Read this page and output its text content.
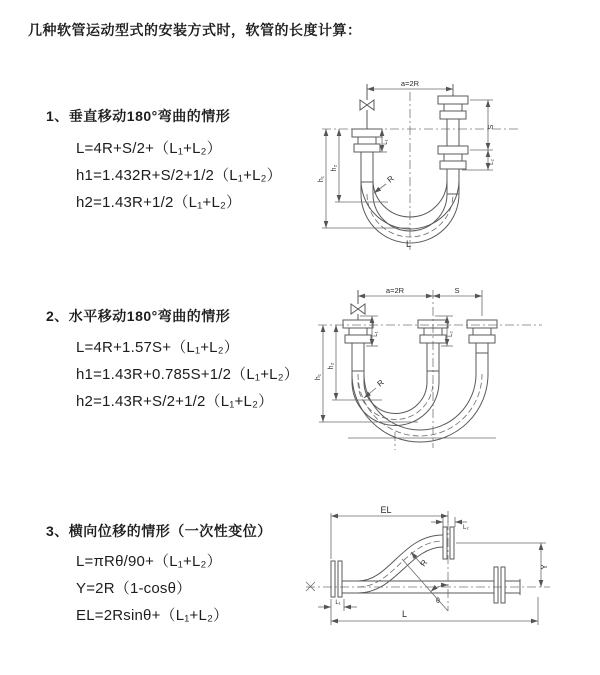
几种软管运动型式的安装方式时，软管的长度计算：
1、垂直移动180°弯曲的情形
L=4R+S/2+（L₁+L₂）
h1=1.432R+S/2+1/2（L₁+L₂）
h2=1.43R+1/2（L₁+L₂）
2、水平移动180°弯曲的情形
L=4R+1.57S+（L₁+L₂）
h1=1.43R+0.785S+1/2（L₁+L₂）
h2=1.43R+S/2+1/2（L₁+L₂）
3、横向位移的情形（一次性变位）
L=πRθ/90+（L₁+L₂）
Y=2R（1-cosθ）
EL=2Rsinθ+（L₁+L₂）
a=2R
h₁
h₂
S
L₂
L₁
R
L
a=2R	S
L₁	L₂
h₁
h₂
R
θ
R
EL
L₂
Y
L
L₁
